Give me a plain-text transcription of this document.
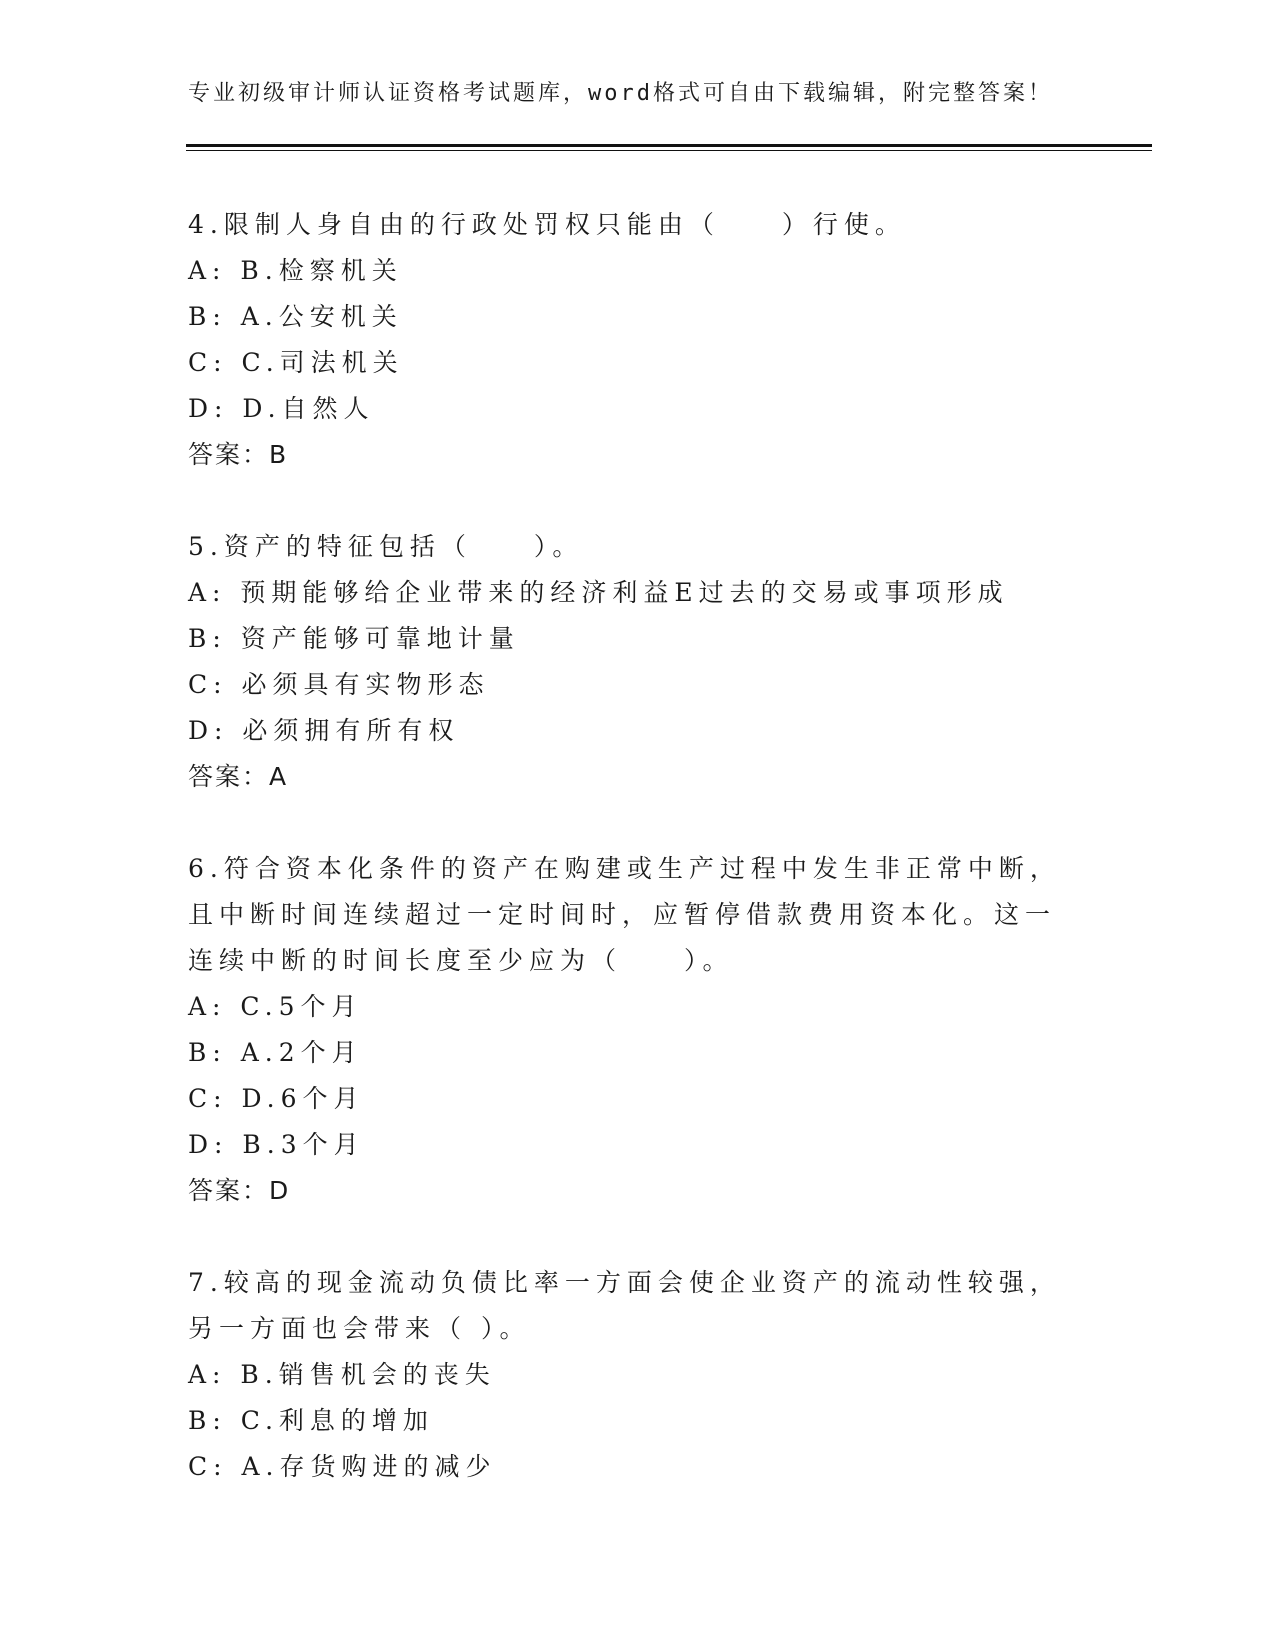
专业初级审计师认证资格考试题库，word格式可自由下载编辑，附完整答案！
4.限制人身自由的行政处罚权只能由（　　）行使。
A: B.检察机关
B: A.公安机关
C: C.司法机关
D: D.自然人
答案：B
5.资产的特征包括（　　）。
A: 预期能够给企业带来的经济利益E过去的交易或事项形成
B: 资产能够可靠地计量
C: 必须具有实物形态
D: 必须拥有所有权
答案：A
6.符合资本化条件的资产在购建或生产过程中发生非正常中断，且中断时间连续超过一定时间时，应暂停借款费用资本化。这一连续中断的时间长度至少应为（　　）。
A: C.5个月
B: A.2个月
C: D.6个月
D: B.3个月
答案：D
7.较高的现金流动负债比率一方面会使企业资产的流动性较强，另一方面也会带来（ ）。
A: B.销售机会的丧失
B: C.利息的增加
C: A.存货购进的减少
